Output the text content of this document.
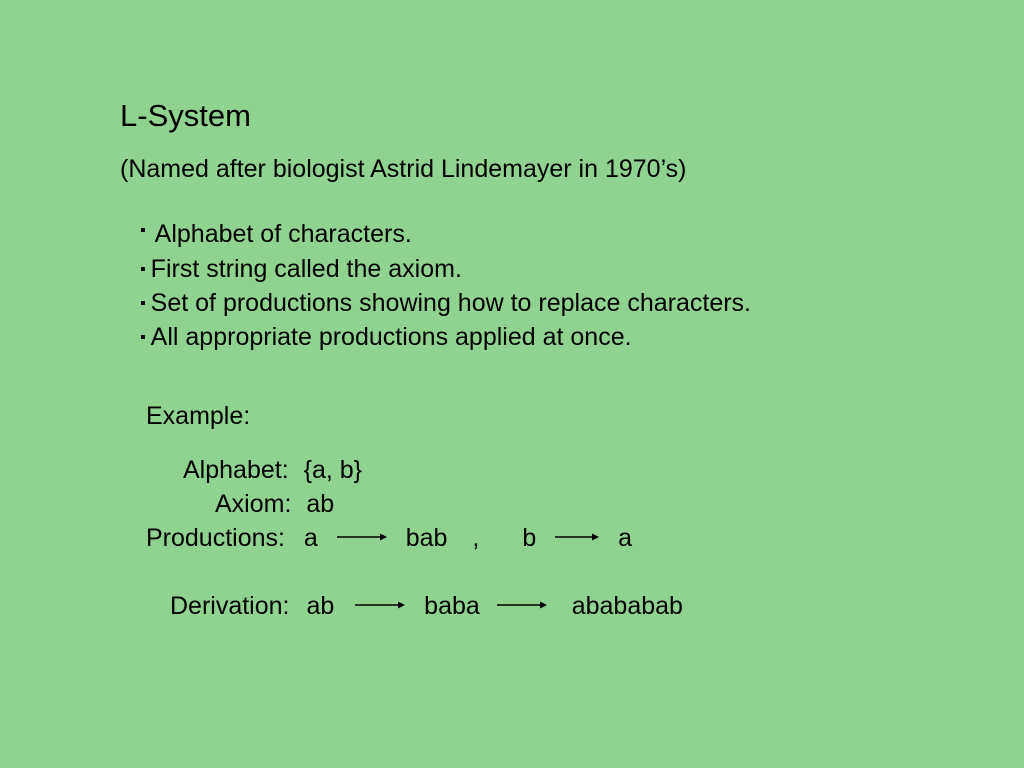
L-System
(Named after biologist Astrid Lindemayer in 1970’s)
▪ Alphabet of characters.
▪ First string called the axiom.
▪ Set of productions showing how to replace characters.
▪ All appropriate productions applied at once.
Example:
Alphabet: {a, b}
Axiom: ab
Productions: a	bab , b	a
Derivation: ab	baba	abababab
